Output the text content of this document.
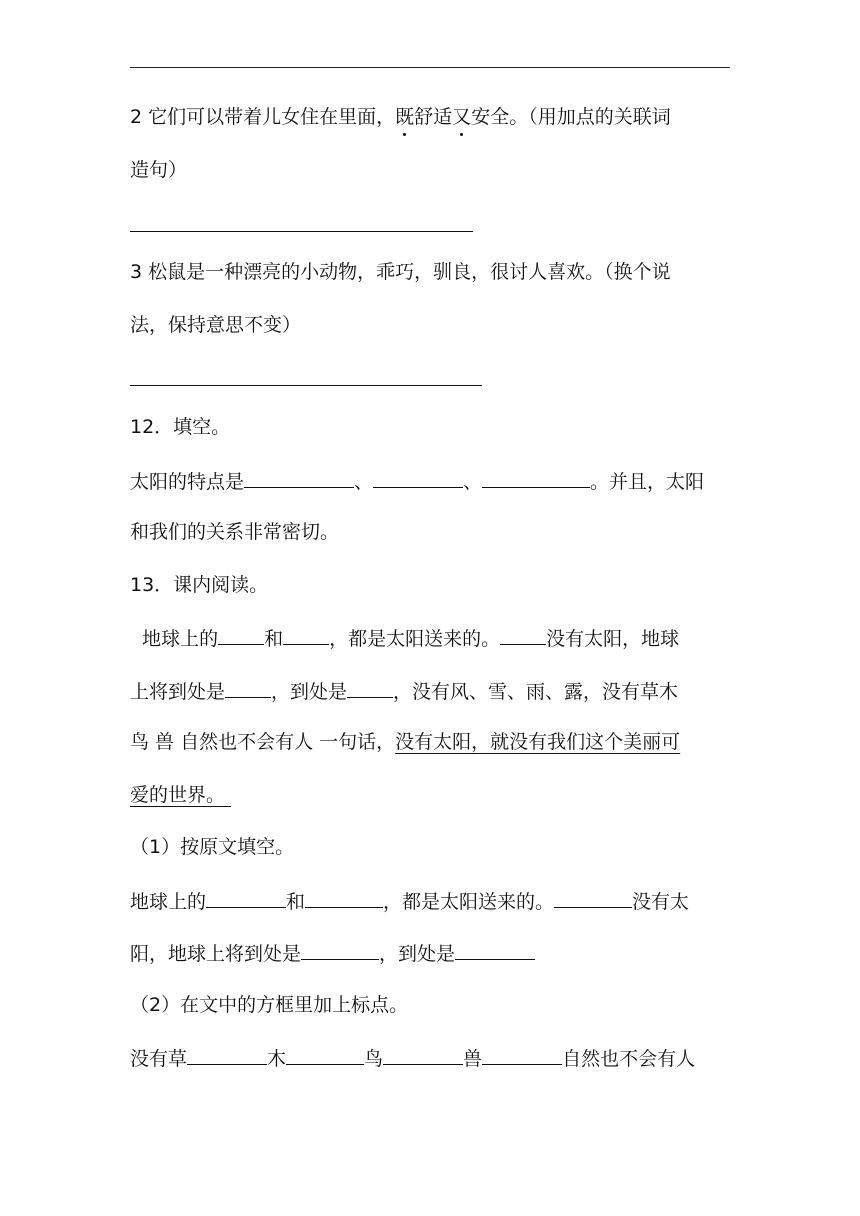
2 它们可以带着儿女住在里面，既舒适又安全。（用加点的关联词
造句）
3 松鼠是一种漂亮的小动物，乖巧，驯良，很讨人喜欢。（换个说
法，保持意思不变）
12．填空。
太阳的特点是	、	、	。并且，太阳
和我们的关系非常密切。
13．课内阅读。
地球上的 和 ，都是太阳送来的。 没有太阳，地球
上将到处是 ，到处是 ，没有风、雪、雨、露，没有草木
鸟 兽 自然也不会有人 一句话，没有太阳，就没有我们这个美丽可
爱的世界。
（1）按原文填空。
地球上的	和	，都是太阳送来的。	没有太
阳，地球上将到处是	，到处是
（2）在文中的方框里加上标点。
没有草	木	鸟	兽	自然也不会有人
